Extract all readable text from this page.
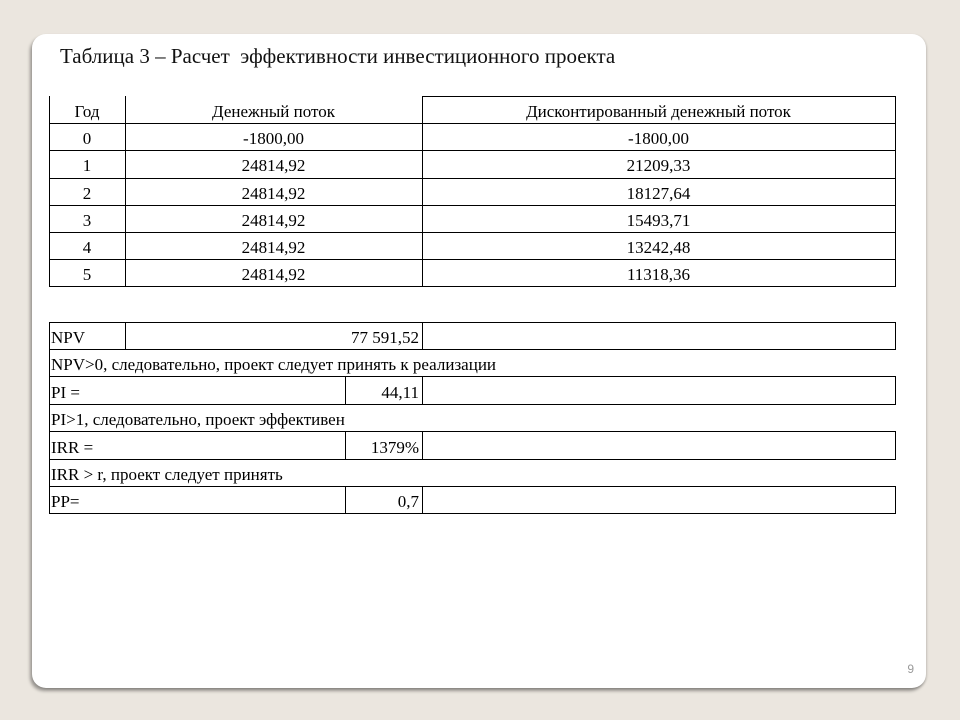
Таблица 3 – Расчет  эффективности инвестиционного проекта
9
Год	Денежный поток	Дисконтированный денежный поток
0	-1800,00	-1800,00
1	24814,92	21209,33
2	24814,92	18127,64
3	24814,92	15493,71
4	24814,92	13242,48
5	24814,92	11318,36
NPV	77 591,52
NPV>0, следовательно, проект следует принять к реализации
PI =	44,11
PI>1, следовательно, проект эффективен
IRR =	1379%
IRR > r, проект следует принять
PP=	0,7
